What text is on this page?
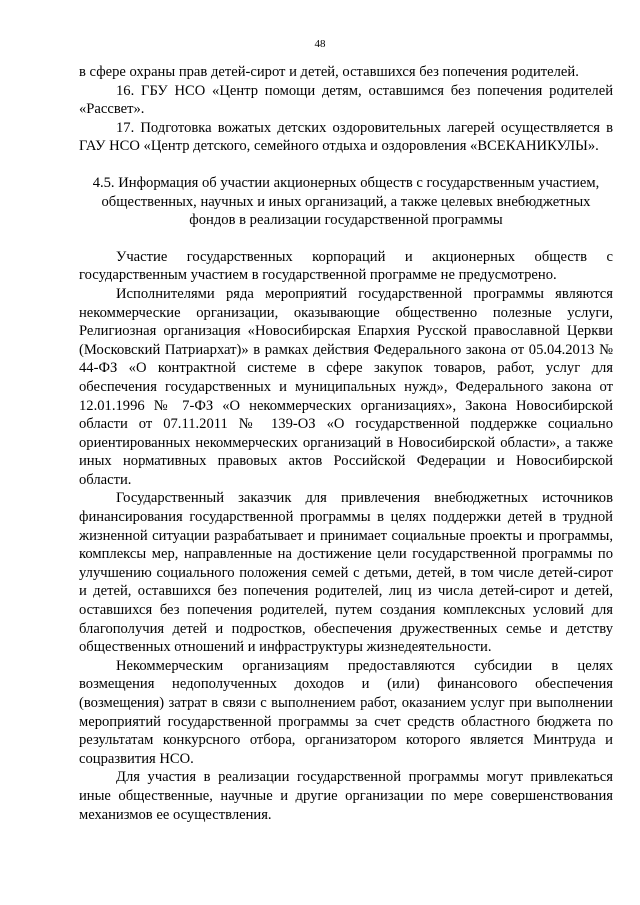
48

в сфере охраны прав детей-сирот и детей, оставшихся без попечения родителей.

16. ГБУ НСО «Центр помощи детям, оставшимся без попечения родителей «Рассвет».

17. Подготовка вожатых детских оздоровительных лагерей осуществляется в ГАУ НСО «Центр детского, семейного отдыха и оздоровления «ВСЕКАНИКУЛЫ».

4.5. Информация об участии акционерных обществ с государственным участием, общественных, научных и иных организаций, а также целевых внебюджетных фондов в реализации государственной программы

Участие государственных корпораций и акционерных обществ с государственным участием в государственной программе не предусмотрено.

Исполнителями ряда мероприятий государственной программы являются некоммерческие организации, оказывающие общественно полезные услуги, Религиозная организация «Новосибирская Епархия Русской православной Церкви (Московский Патриархат)» в рамках действия Федерального закона от 05.04.2013 № 44-ФЗ «О контрактной системе в сфере закупок товаров, работ, услуг для обеспечения государственных и муниципальных нужд», Федерального закона от 12.01.1996 № 7-ФЗ «О некоммерческих организациях», Закона Новосибирской области от 07.11.2011 № 139-ОЗ «О государственной поддержке социально ориентированных некоммерческих организаций в Новосибирской области», а также иных нормативных правовых актов Российской Федерации и Новосибирской области.

Государственный заказчик для привлечения внебюджетных источников финансирования государственной программы в целях поддержки детей в трудной жизненной ситуации разрабатывает и принимает социальные проекты и программы, комплексы мер, направленные на достижение цели государственной программы по улучшению социального положения семей с детьми, детей, в том числе детей-сирот и детей, оставшихся без попечения родителей, лиц из числа детей-сирот и детей, оставшихся без попечения родителей, путем создания комплексных условий для благополучия детей и подростков, обеспечения дружественных семье и детству общественных отношений и инфраструктуры жизнедеятельности.

Некоммерческим организациям предоставляются субсидии в целях возмещения недополученных доходов и (или) финансового обеспечения (возмещения) затрат в связи с выполнением работ, оказанием услуг при выполнении мероприятий государственной программы за счет средств областного бюджета по результатам конкурсного отбора, организатором которого является Минтруда и соцразвития НСО.

Для участия в реализации государственной программы могут привлекаться иные общественные, научные и другие организации по мере совершенствования механизмов ее осуществления.
